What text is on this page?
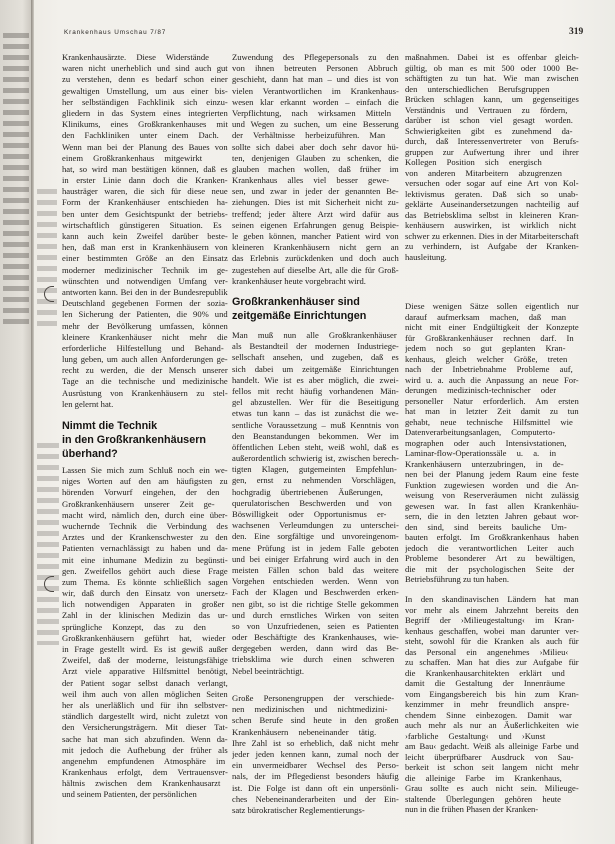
Krankenhaus Umschau 7/87	319
Krankenhausärzte. Diese Widerstände
waren nicht unerheblich und sind auch gut
zu verstehen, denn es bedarf schon einer
gewaltigen Umstellung, um aus einer bis-
her selbständigen Fachklinik sich einzu-
gliedern in das System eines integrierten
Klinikums, eines Großkrankenhauses mit
den Fachkliniken unter einem Dach.
Wenn man bei der Planung des Baues von
einem Großkrankenhaus mitgewirkt
hat, so wird man bestätigen können, daß es
in erster Linie dann doch die Kranken-
hausträger waren, die sich für diese neue
Form der Krankenhäuser entschieden ha-
ben unter dem Gesichtspunkt der betriebs-
wirtschaftlich günstigeren Situation. Es
kann auch kein Zweifel darüber beste-
hen, daß man erst in Krankenhäusern von
einer bestimmten Größe an den Einsatz
moderner medizinischer Technik im ge-
wünschten und notwendigen Umfang ver-
antworten kann. Bei den in der Bundesrepublik
Deutschland gegebenen Formen der sozia-
len Sicherung der Patienten, die 90% und
mehr der Bevölkerung umfassen, können
kleinere Krankenhäuser nicht mehr die
erforderliche Hilfestellung und Behand-
lung geben, um auch allen Anforderungen ge-
recht zu werden, die der Mensch unserer
Tage an die technische und medizinische
Ausrüstung von Krankenhäusern zu stel-
len gelernt hat.
Nimmt die Technik
in den Großkrankenhäusern
überhand?
Lassen Sie mich zum Schluß noch ein we-
niges Worten auf den am häufigsten zu
hörenden Vorwurf eingehen, der den
Großkrankenhäusern unserer Zeit ge-
macht wird, nämlich den, durch eine über-
wuchernde Technik die Verbindung des
Arztes und der Krankenschwester zu den
Patienten vernachlässigt zu haben und da-
mit eine inhumane Medizin zu begünsti-
gen. Zweifellos gehört auch diese Frage
zum Thema. Es könnte schließlich sagen
wir, daß durch den Einsatz von unersetz-
lich notwendigen Apparaten in großer
Zahl in der klinischen Medizin das ur-
sprüngliche Konzept, das zu den
Großkrankenhäusern geführt hat, wieder
in Frage gestellt wird. Es ist gewiß außer
Zweifel, daß der moderne, leistungsfähige
Arzt viele apparative Hilfsmittel benötigt,
der Patient sogar selbst danach verlangt,
weil ihm auch von allen möglichen Seiten
her als unerläßlich und für ihn selbstver-
ständlich dargestellt wird, nicht zuletzt von
den Versicherungsträgern. Mit dieser Tat-
sache hat man sich abzufinden. Wenn da-
mit jedoch die Aufhebung der früher als
angenehm empfundenen Atmosphäre im
Krankenhaus erfolgt, dem Vertrauensver-
hältnis zwischen dem Krankenhausarzt
und seinem Patienten, der persönlichen
Zuwendung des Pflegepersonals zu den
von ihnen betreuten Personen Abbruch
geschieht, dann hat man – und dies ist von
vielen Verantwortlichen im Krankenhaus-
wesen klar erkannt worden – einfach die
Verpflichtung, nach wirksamen Mitteln
und Wegen zu suchen, um eine Besserung
der Verhältnisse herbeizuführen. Man
sollte sich dabei aber doch sehr davor hü-
ten, denjenigen Glauben zu schenken, die
glauben machen wollen, daß früher im
Krankenhaus alles viel besser gewe-
sen, und zwar in jeder der genannten Be-
ziehungen. Dies ist mit Sicherheit nicht zu-
treffend; jeder ältere Arzt wird dafür aus
seinen eigenen Erfahrungen genug Beispie-
le geben können, mancher Patient wird von
kleineren Krankenhäusern nicht gern an
das Erlebnis zurückdenken und doch auch
zugestehen auf dieselbe Art, alle die für Groß-
krankenhäuser heute vorgebracht wird.
Großkrankenhäuser sind
zeitgemäße Einrichtungen
Man muß nun alle Großkrankenhäuser
als Bestandteil der modernen Industriege-
sellschaft ansehen, und zugeben, daß es
sich dabei um zeitgemäße Einrichtungen
handelt. Wie ist es aber möglich, die zwei-
fellos mit recht häufig vorhandenen Män-
gel abzustellen. Wer für die Beseitigung
etwas tun kann – das ist zunächst die we-
sentliche Voraussetzung – muß Kenntnis von
den Beanstandungen bekommen. Wer im
öffentlichen Leben steht, weiß wohl, daß es
außerordentlich schwierig ist, zwischen berech-
tigten Klagen, gutgemeinten Empfehlun-
gen, ernst zu nehmenden Vorschlägen,
hochgradig übertriebenen Äußerungen,
querulatorischen Beschwerden und von
Böswilligkeit oder Opportunismus er-
wachsenen Verleumdungen zu unterschei-
den. Eine sorgfältige und unvoreingenom-
mene Prüfung ist in jedem Falle geboten
und bei einiger Erfahrung wird auch in den
meisten Fällen schon bald das weitere
Vorgehen entschieden werden. Wenn von
Fach der Klagen und Beschwerden erken-
nen gibt, so ist die richtige Stelle gekommen
und durch ernstliches Wirken von seiten
so von Unzufriedenen, seien es Patienten
oder Beschäftigte des Krankenhauses, wie-
dergegeben werden, dann wird das Be-
triebsklima wie durch einen schweren
Nebel beeinträchtigt.
Große Personengruppen der verschiede-
nen medizinischen und nichtmedizini-
schen Berufe sind heute in den großen
Krankenhäusern nebeneinander tätig.
Ihre Zahl ist so erheblich, daß nicht mehr
jeder jeden kennen kann, zumal noch der
ein unvermeidbarer Wechsel des Perso-
nals, der im Pflegedienst besonders häufig
ist. Die Folge ist dann oft ein unpersönli-
ches Nebeneinanderarbeiten und der Ein-
satz bürokratischer Reglementierungs-
maßnahmen. Dabei ist es offenbar gleich-
gültig, ob man es mit 500 oder 1000 Be-
schäftigten zu tun hat. Wie man zwischen
den unterschiedlichen Berufsgruppen
Brücken schlagen kann, um gegenseitiges
Verständnis und Vertrauen zu fördern,
darüber ist schon viel gesagt worden.
Schwierigkeiten gibt es zunehmend da-
durch, daß Interessenvertreter von Berufs-
gruppen zur Aufwertung ihrer und ihrer
Kollegen Position sich energisch
von anderen Mitarbeitern abzugrenzen
versuchen oder sogar auf eine Art von Kol-
lektivismus geraten. Daß sich so unab-
geklärte Auseinandersetzungen nachteilig auf
das Betriebsklima selbst in kleineren Kran-
kenhäusern auswirken, ist wirklich nicht
schwer zu erkennen. Dies in der Mitarbeiterschaft
zu verhindern, ist Aufgabe der Kranken-
hausleitung.
Diese wenigen Sätze sollen eigentlich nur
darauf aufmerksam machen, daß man
nicht mit einer Endgültigkeit der Konzepte
für Großkrankenhäuser rechnen darf. In
jedem noch so gut geplanten Kran-
kenhaus, gleich welcher Größe, treten
nach der Inbetriebnahme Probleme auf,
wird u. a. auch die Anpassung an neue For-
derungen medizinisch-technischer oder
personeller Natur erforderlich. Am ersten
hat man in letzter Zeit damit zu tun
gehabt, neue technische Hilfsmittel wie
Datenverarbeitungsanlagen, Computerto-
mographen oder auch Intensivstationen,
Laminar-flow-Operationssäle u. a. in
Krankenhäusern unterzubringen, in de-
nen bei der Planung jedem Raum eine feste
Funktion zugewiesen worden und die An-
weisung von Reserveräumen nicht zulässig
gewesen war. In fast allen Krankenhäu-
sern, die in den letzten Jahren gebaut wor-
den sind, sind bereits bauliche Um-
bauten erfolgt. Im Großkrankenhaus haben
jedoch die verantwortlichen Leiter auch
Probleme besonderer Art zu bewältigen,
die mit der psychologischen Seite der
Betriebsführung zu tun haben.
In den skandinavischen Ländern hat man
vor mehr als einem Jahrzehnt bereits den
Begriff der ›Milieugestaltung‹ im Kran-
kenhaus geschaffen, wobei man darunter ver-
steht, sowohl für die Kranken als auch für
das Personal ein angenehmes ›Milieu‹
zu schaffen. Man hat dies zur Aufgabe für
die Krankenhausarchitekten erklärt und
damit die Gestaltung der Innenräume
vom Eingangsbereich bis hin zum Kran-
kenzimmer in mehr freundlich anspre-
chendem Sinne einbezogen. Damit war
auch mehr als nur an Äußerlichkeiten wie
›farbliche Gestaltung‹ und ›Kunst
am Bau‹ gedacht. Weiß als alleinige Farbe und
leicht überprüfbarer Ausdruck von Sau-
berkeit ist schon seit langem nicht mehr
die alleinige Farbe im Krankenhaus,
Grau sollte es auch nicht sein. Milieuge-
staltende Überlegungen gehören heute
nun in die frühen Phasen der Kranken-
